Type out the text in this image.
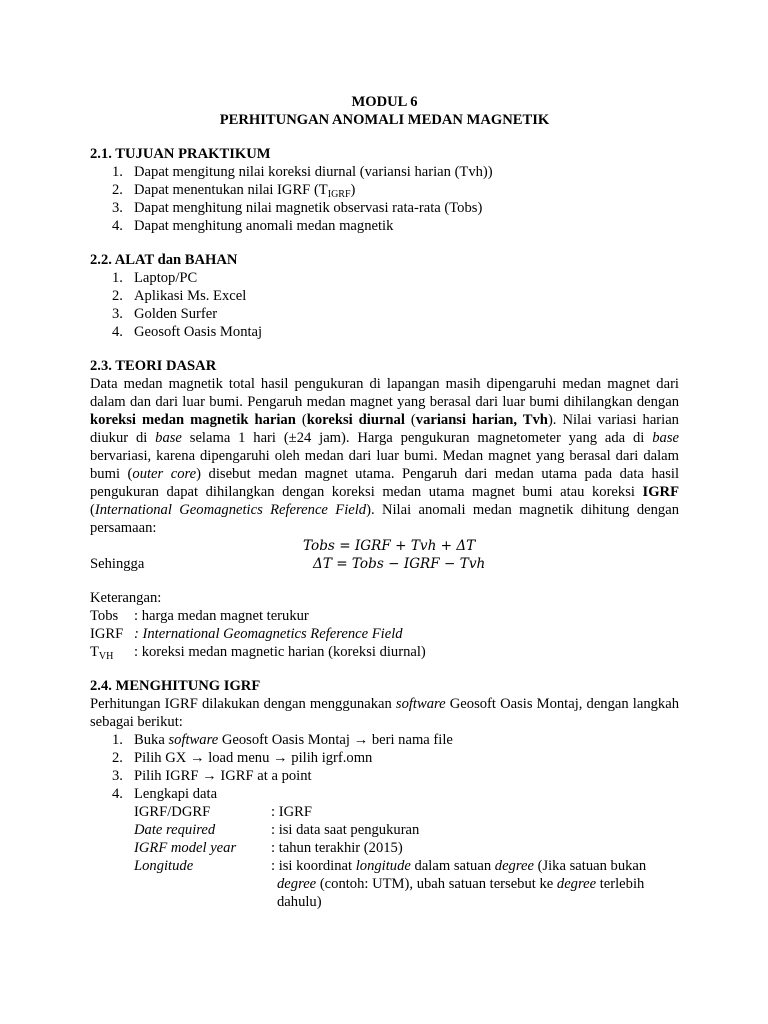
MODUL 6

PERHITUNGAN ANOMALI MEDAN MAGNETIK

2.1. TUJUAN PRAKTIKUM

1. Dapat mengitung nilai koreksi diurnal (variansi harian (Tvh))
2. Dapat menentukan nilai IGRF $(T_{IGRF})$
3. Dapat menghitung nilai magnetik observasi rata-rata (Tobs)
4. Dapat menghitung anomali medan magnetik

2.2. ALAT dan BAHAN

1. Laptop/PC
2. Aplikasi Ms. Excel
3. Golden Surfer
4. Geosoft Oasis Montaj

2.3. TEORI DASAR

Data medan magnetik total hasil pengukuran di lapangan masih dipengaruhi medan magnet dari dalam dan dari luar bumi. Pengaruh medan magnet yang berasal dari luar bumi dihilangkan dengan koreksi medan magnetik harian (koreksi diurnal (variansi harian, Tvh). Nilai variasi harian diukur di base selama 1 hari (±24 jam). Harga pengukuran magnetometer yang ada di base bervariasi, karena dipengaruhi oleh medan dari luar bumi. Medan magnet yang berasal dari dalam bumi (outer core) disebut medan magnet utama. Pengaruh dari medan utama pada data hasil pengukuran dapat dihilangkan dengan koreksi medan utama magnet bumi atau koreksi IGRF (International Geomagnetics Reference Field). Nilai anomali medan magnetik dihitung dengan persamaan:

Tobs = IGRF + Tvh + ΔT
Sehingga	ΔT = Tobs − IGRF − Tvh

Keterangan:

Tobs	: harga medan magnet terukur
IGRF : International Geomagnetics Reference Field
$T_{VH}$	: koreksi medan magnetic harian (koreksi diurnal)

2.4. MENGHITUNG IGRF

Perhitungan IGRF dilakukan dengan menggunakan software Geosoft Oasis Montaj, dengan langkah sebagai berikut:

1. Buka software Geosoft Oasis Montaj → beri nama file
2. Pilih GX → load menu → pilih igrf.omn
3. Pilih IGRF → IGRF at a point
4. Lengkapi data
IGRF/DGRF	: IGRF
Date required	: isi data saat pengukuran
IGRF model year	: tahun terakhir (2015)
Longitude	: isi koordinat longitude dalam satuan degree (Jika satuan bukan degree (contoh: UTM), ubah satuan tersebut ke degree terlebih dahulu)
